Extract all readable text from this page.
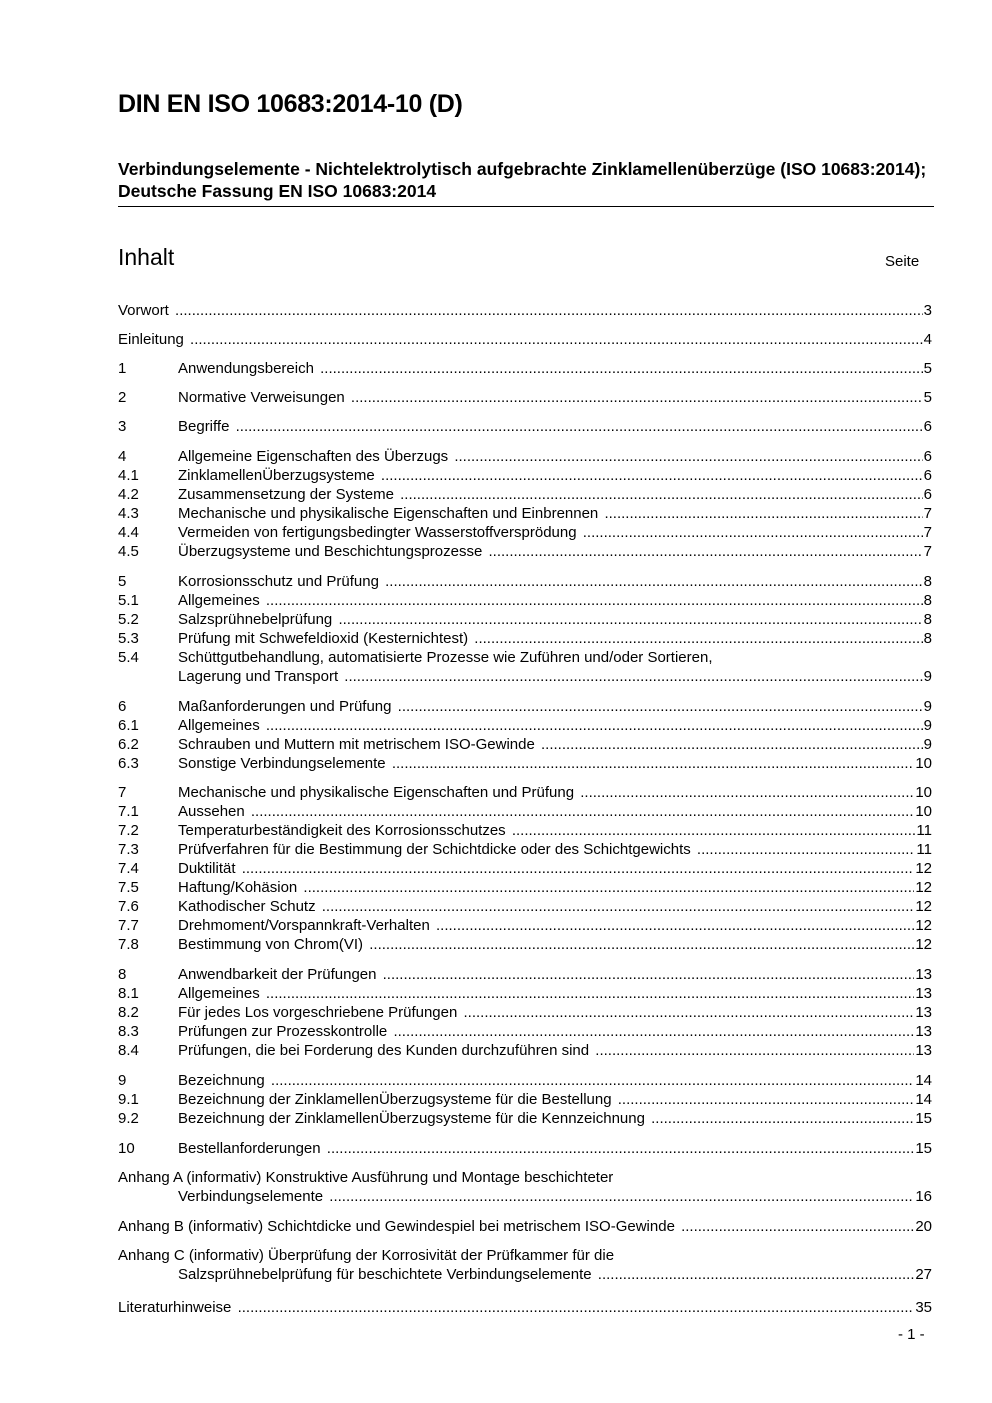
DIN EN ISO 10683:2014-10 (D)

Verbindungselemente - Nichtelektrolytisch aufgebrachte Zinklamellenüberzüge (ISO 10683:2014); Deutsche Fassung EN ISO 10683:2014

Inhalt	Seite
Vorwort .....	3
Einleitung .....	4
1	Anwendungsbereich .....	5
2	Normative Verweisungen .....	5
3	Begriffe .....	6
4	Allgemeine Eigenschaften des Überzugs .....	6
4.1	ZinklamellenÜberzugsysteme .....	6
4.2	Zusammensetzung der Systeme .....	6
4.3	Mechanische und physikalische Eigenschaften und Einbrennen .....	7
4.4	Vermeiden von fertigungsbedingter Wasserstoffversprödung .....	7
4.5	Überzugsysteme und Beschichtungsprozesse .....	7
5	Korrosionsschutz und Prüfung .....	8
5.1	Allgemeines .....	8
5.2	Salzsprühnebelprüfung .....	8
5.3	Prüfung mit Schwefeldioxid (Kesternichtest) .....	8
5.4	Schüttgutbehandlung, automatisierte Prozesse wie Zuführen und/oder Sortieren,
Lagerung und Transport .....	9
6	Maßanforderungen und Prüfung .....	9
6.1	Allgemeines .....	9
6.2	Schrauben und Muttern mit metrischem ISO-Gewinde .....	9
6.3	Sonstige Verbindungselemente .....	10
7	Mechanische und physikalische Eigenschaften und Prüfung .....	10
7.1	Aussehen .....	10
7.2	Temperaturbeständigkeit des Korrosionsschutzes .....	11
7.3	Prüfverfahren für die Bestimmung der Schichtdicke oder des Schichtgewichts .....	11
7.4	Duktilität .....	12
7.5	Haftung/Kohäsion .....	12
7.6	Kathodischer Schutz .....	12
7.7	Drehmoment/Vorspannkraft-Verhalten .....	12
7.8	Bestimmung von Chrom(VI) .....	12
8	Anwendbarkeit der Prüfungen .....	13
8.1	Allgemeines .....	13
8.2	Für jedes Los vorgeschriebene Prüfungen .....	13
8.3	Prüfungen zur Prozesskontrolle .....	13
8.4	Prüfungen, die bei Forderung des Kunden durchzuführen sind .....	13
9	Bezeichnung .....	14
9.1	Bezeichnung der ZinklamellenÜberzugsysteme für die Bestellung .....	14
9.2	Bezeichnung der ZinklamellenÜberzugsysteme für die Kennzeichnung .....	15
10	Bestellanforderungen .....	15
Anhang A (informativ) Konstruktive Ausführung und Montage beschichteter
Verbindungselemente .....	16
Anhang B (informativ) Schichtdicke und Gewindespiel bei metrischem ISO-Gewinde .....	20
Anhang C (informativ) Überprüfung der Korrosivität der Prüfkammer für die
Salzsprühnebelprüfung für beschichtete Verbindungselemente .....	27
Literaturhinweise .....	35
- 1 -
